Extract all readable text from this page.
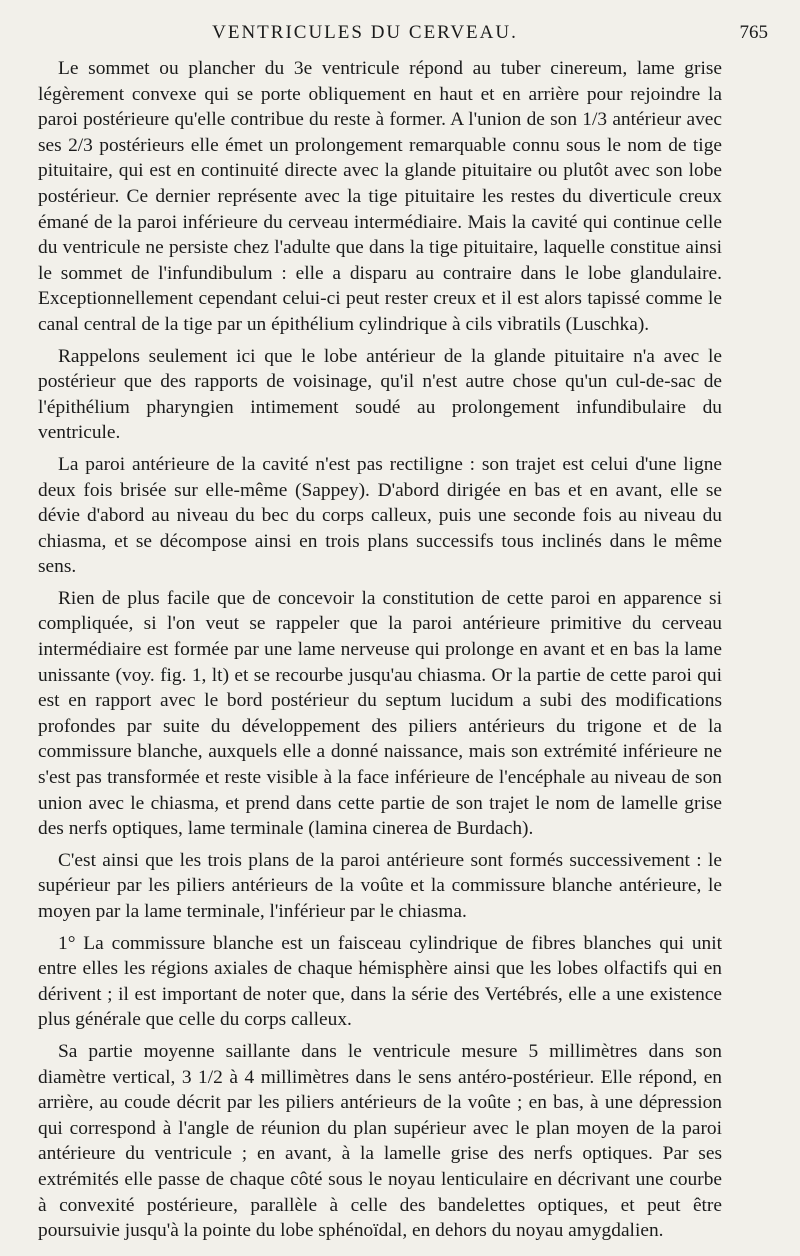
VENTRICULES DU CERVEAU.	765

Le sommet ou plancher du 3e ventricule répond au tuber cinereum, lame grise légèrement convexe qui se porte obliquement en haut et en arrière pour rejoindre la paroi postérieure qu'elle contribue du reste à former. A l'union de son 1/3 antérieur avec ses 2/3 postérieurs elle émet un prolongement remarquable connu sous le nom de tige pituitaire, qui est en continuité directe avec la glande pituitaire ou plutôt avec son lobe postérieur. Ce dernier représente avec la tige pituitaire les restes du diverticule creux émané de la paroi inférieure du cerveau intermédiaire. Mais la cavité qui continue celle du ventricule ne persiste chez l'adulte que dans la tige pituitaire, laquelle constitue ainsi le sommet de l'infundibulum : elle a disparu au contraire dans le lobe glandulaire. Exceptionnellement cependant celui-ci peut rester creux et il est alors tapissé comme le canal central de la tige par un épithélium cylindrique à cils vibratils (Luschka).

Rappelons seulement ici que le lobe antérieur de la glande pituitaire n'a avec le postérieur que des rapports de voisinage, qu'il n'est autre chose qu'un cul-de-sac de l'épithélium pharyngien intimement soudé au prolongement infundibulaire du ventricule.

La paroi antérieure de la cavité n'est pas rectiligne : son trajet est celui d'une ligne deux fois brisée sur elle-même (Sappey). D'abord dirigée en bas et en avant, elle se dévie d'abord au niveau du bec du corps calleux, puis une seconde fois au niveau du chiasma, et se décompose ainsi en trois plans successifs tous inclinés dans le même sens.

Rien de plus facile que de concevoir la constitution de cette paroi en apparence si compliquée, si l'on veut se rappeler que la paroi antérieure primitive du cerveau intermédiaire est formée par une lame nerveuse qui prolonge en avant et en bas la lame unissante (voy. fig. 1, lt) et se recourbe jusqu'au chiasma. Or la partie de cette paroi qui est en rapport avec le bord postérieur du septum lucidum a subi des modifications profondes par suite du développement des piliers antérieurs du trigone et de la commissure blanche, auxquels elle a donné naissance, mais son extrémité inférieure ne s'est pas transformée et reste visible à la face inférieure de l'encéphale au niveau de son union avec le chiasma, et prend dans cette partie de son trajet le nom de lamelle grise des nerfs optiques, lame terminale (lamina cinerea de Burdach).

C'est ainsi que les trois plans de la paroi antérieure sont formés successivement : le supérieur par les piliers antérieurs de la voûte et la commissure blanche antérieure, le moyen par la lame terminale, l'inférieur par le chiasma.

1° La commissure blanche est un faisceau cylindrique de fibres blanches qui unit entre elles les régions axiales de chaque hémisphère ainsi que les lobes olfactifs qui en dérivent ; il est important de noter que, dans la série des Vertébrés, elle a une existence plus générale que celle du corps calleux.

Sa partie moyenne saillante dans le ventricule mesure 5 millimètres dans son diamètre vertical, 3 1/2 à 4 millimètres dans le sens antéro-postérieur. Elle répond, en arrière, au coude décrit par les piliers antérieurs de la voûte ; en bas, à une dépression qui correspond à l'angle de réunion du plan supérieur avec le plan moyen de la paroi antérieure du ventricule ; en avant, à la lamelle grise des nerfs optiques. Par ses extrémités elle passe de chaque côté sous le noyau lenticulaire en décrivant une courbe à convexité postérieure, parallèle à celle des bandelettes optiques, et peut être poursuivie jusqu'à la pointe du lobe sphénoïdal, en dehors du noyau amygdalien.
